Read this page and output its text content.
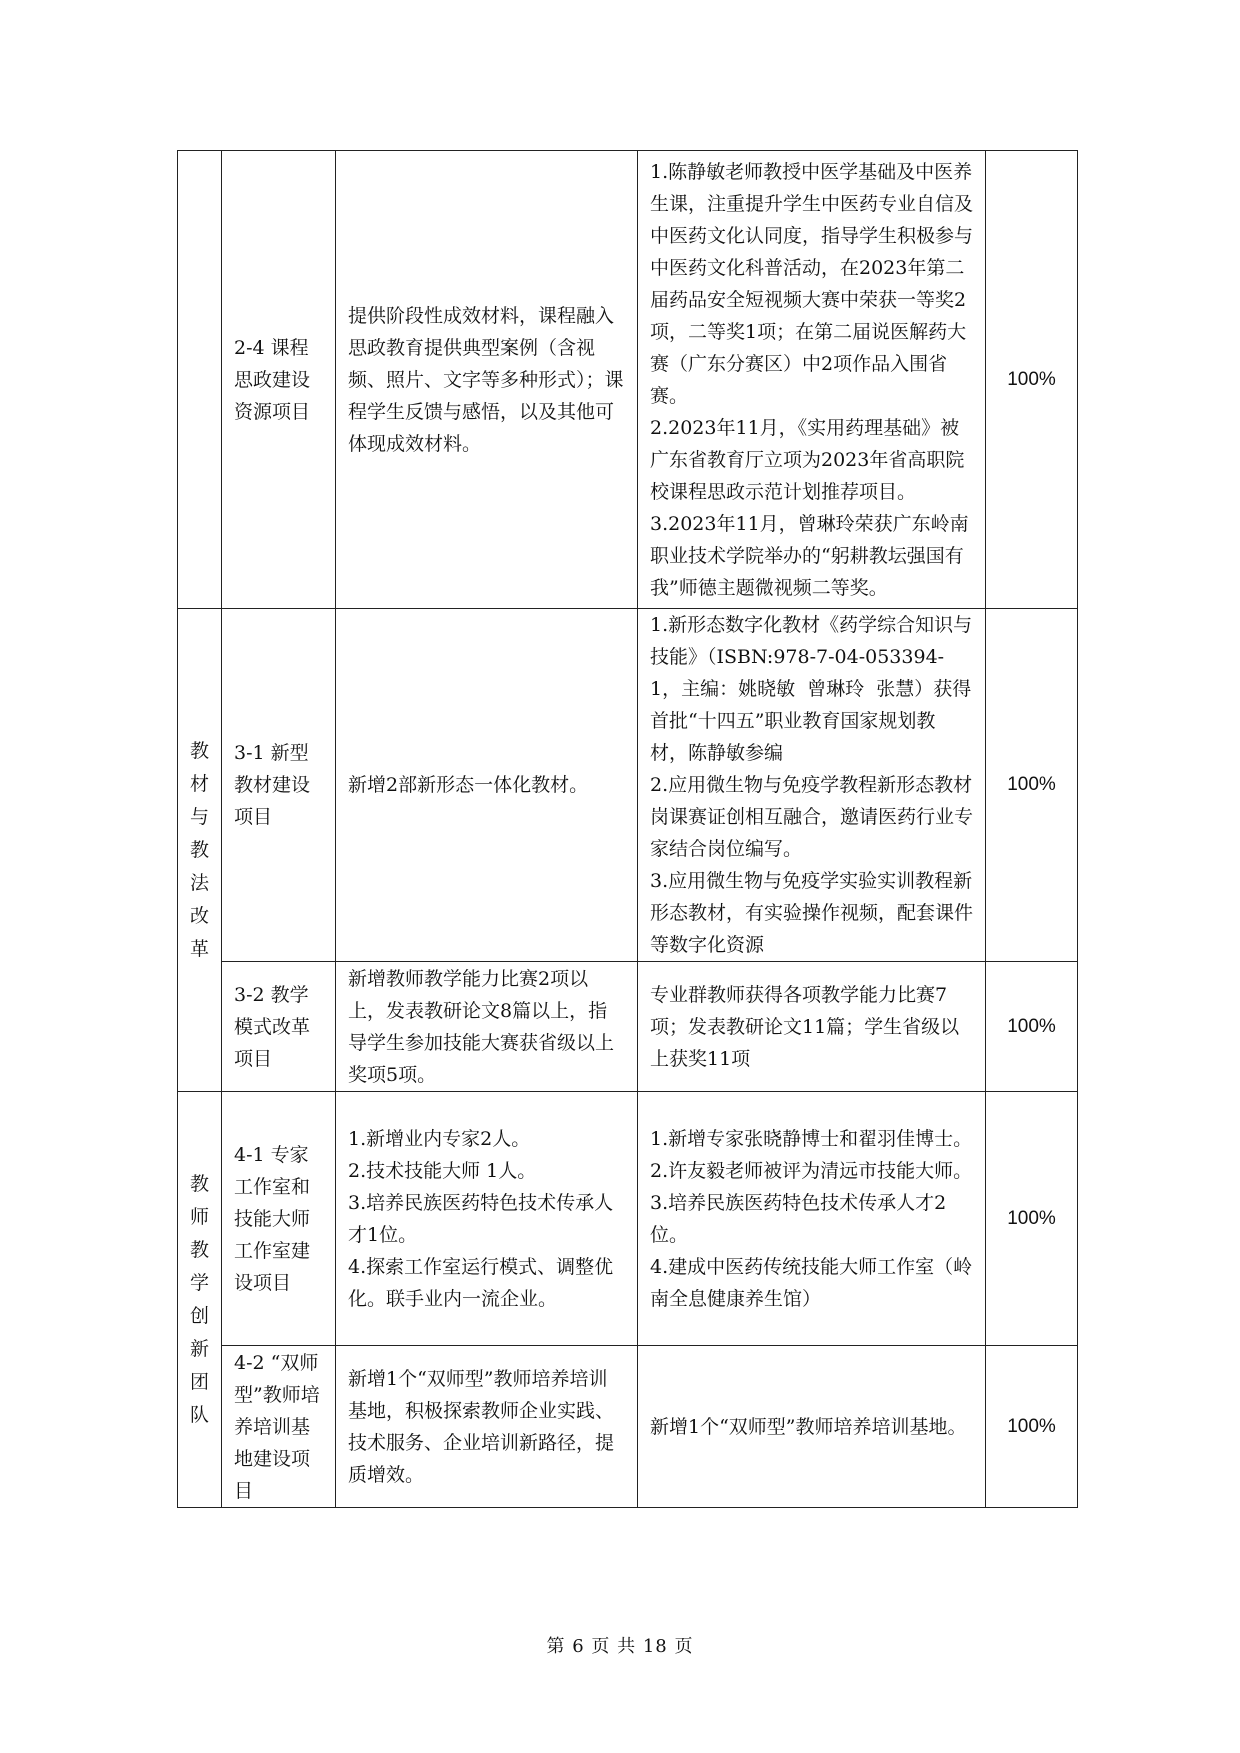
	2-4 课程思政建设资源项目	提供阶段性成效材料，课程融入思政教育提供典型案例（含视频、照片、文字等多种形式）；课程学生反馈与感悟，以及其他可体现成效材料。	1.陈静敏老师教授中医学基础及中医养生课，注重提升学生中医药专业自信及中医药文化认同度，指导学生积极参与中医药文化科普活动，在2023年第二届药品安全短视频大赛中荣获一等奖2项，二等奖1项；在第二届说医解药大赛（广东分赛区）中2项作品入围省赛。
2.2023年11月，《实用药理基础》被广东省教育厅立项为2023年省高职院校课程思政示范计划推荐项目。
3.2023年11月，曾琳玲荣获广东岭南职业技术学院举办的“躬耕教坛强国有我”师德主题微视频二等奖。	100%

教材与教法改革	3-1 新型教材建设项目	新增2部新形态一体化教材。	1.新形态数字化教材《药学综合知识与技能》（ISBN:978-7-04-053394-1，主编：姚晓敏  曾琳玲  张慧）获得首批“十四五”职业教育国家规划教材，陈静敏参编
2.应用微生物与免疫学教程新形态教材岗课赛证创相互融合，邀请医药行业专家结合岗位编写。
3.应用微生物与免疫学实验实训教程新形态教材，有实验操作视频，配套课件等数字化资源	100%
	3-2 教学模式改革项目	新增教师教学能力比赛2项以上，发表教研论文8篇以上，指导学生参加技能大赛获省级以上奖项5项。	专业群教师获得各项教学能力比赛7项；发表教研论文11篇；学生省级以上获奖11项	100%

教师教学创新团队	4-1 专家工作室和技能大师工作室建设项目	1.新增业内专家2人。
2.技术技能大师 1人。
3.培养民族医药特色技术传承人才1位。
4.探索工作室运行模式、调整优化。联手业内一流企业。	1.新增专家张晓静博士和翟羽佳博士。
2.许友毅老师被评为清远市技能大师。
3.培养民族医药特色技术传承人才2位。
4.建成中医药传统技能大师工作室（岭南全息健康养生馆）	100%
	4-2 “双师型”教师培养培训基地建设项目	新增1个“双师型”教师培养培训基地，积极探索教师企业实践、技术服务、企业培训新路径，提质增效。	新增1个“双师型”教师培养培训基地。	100%
第 6 页 共 18 页
